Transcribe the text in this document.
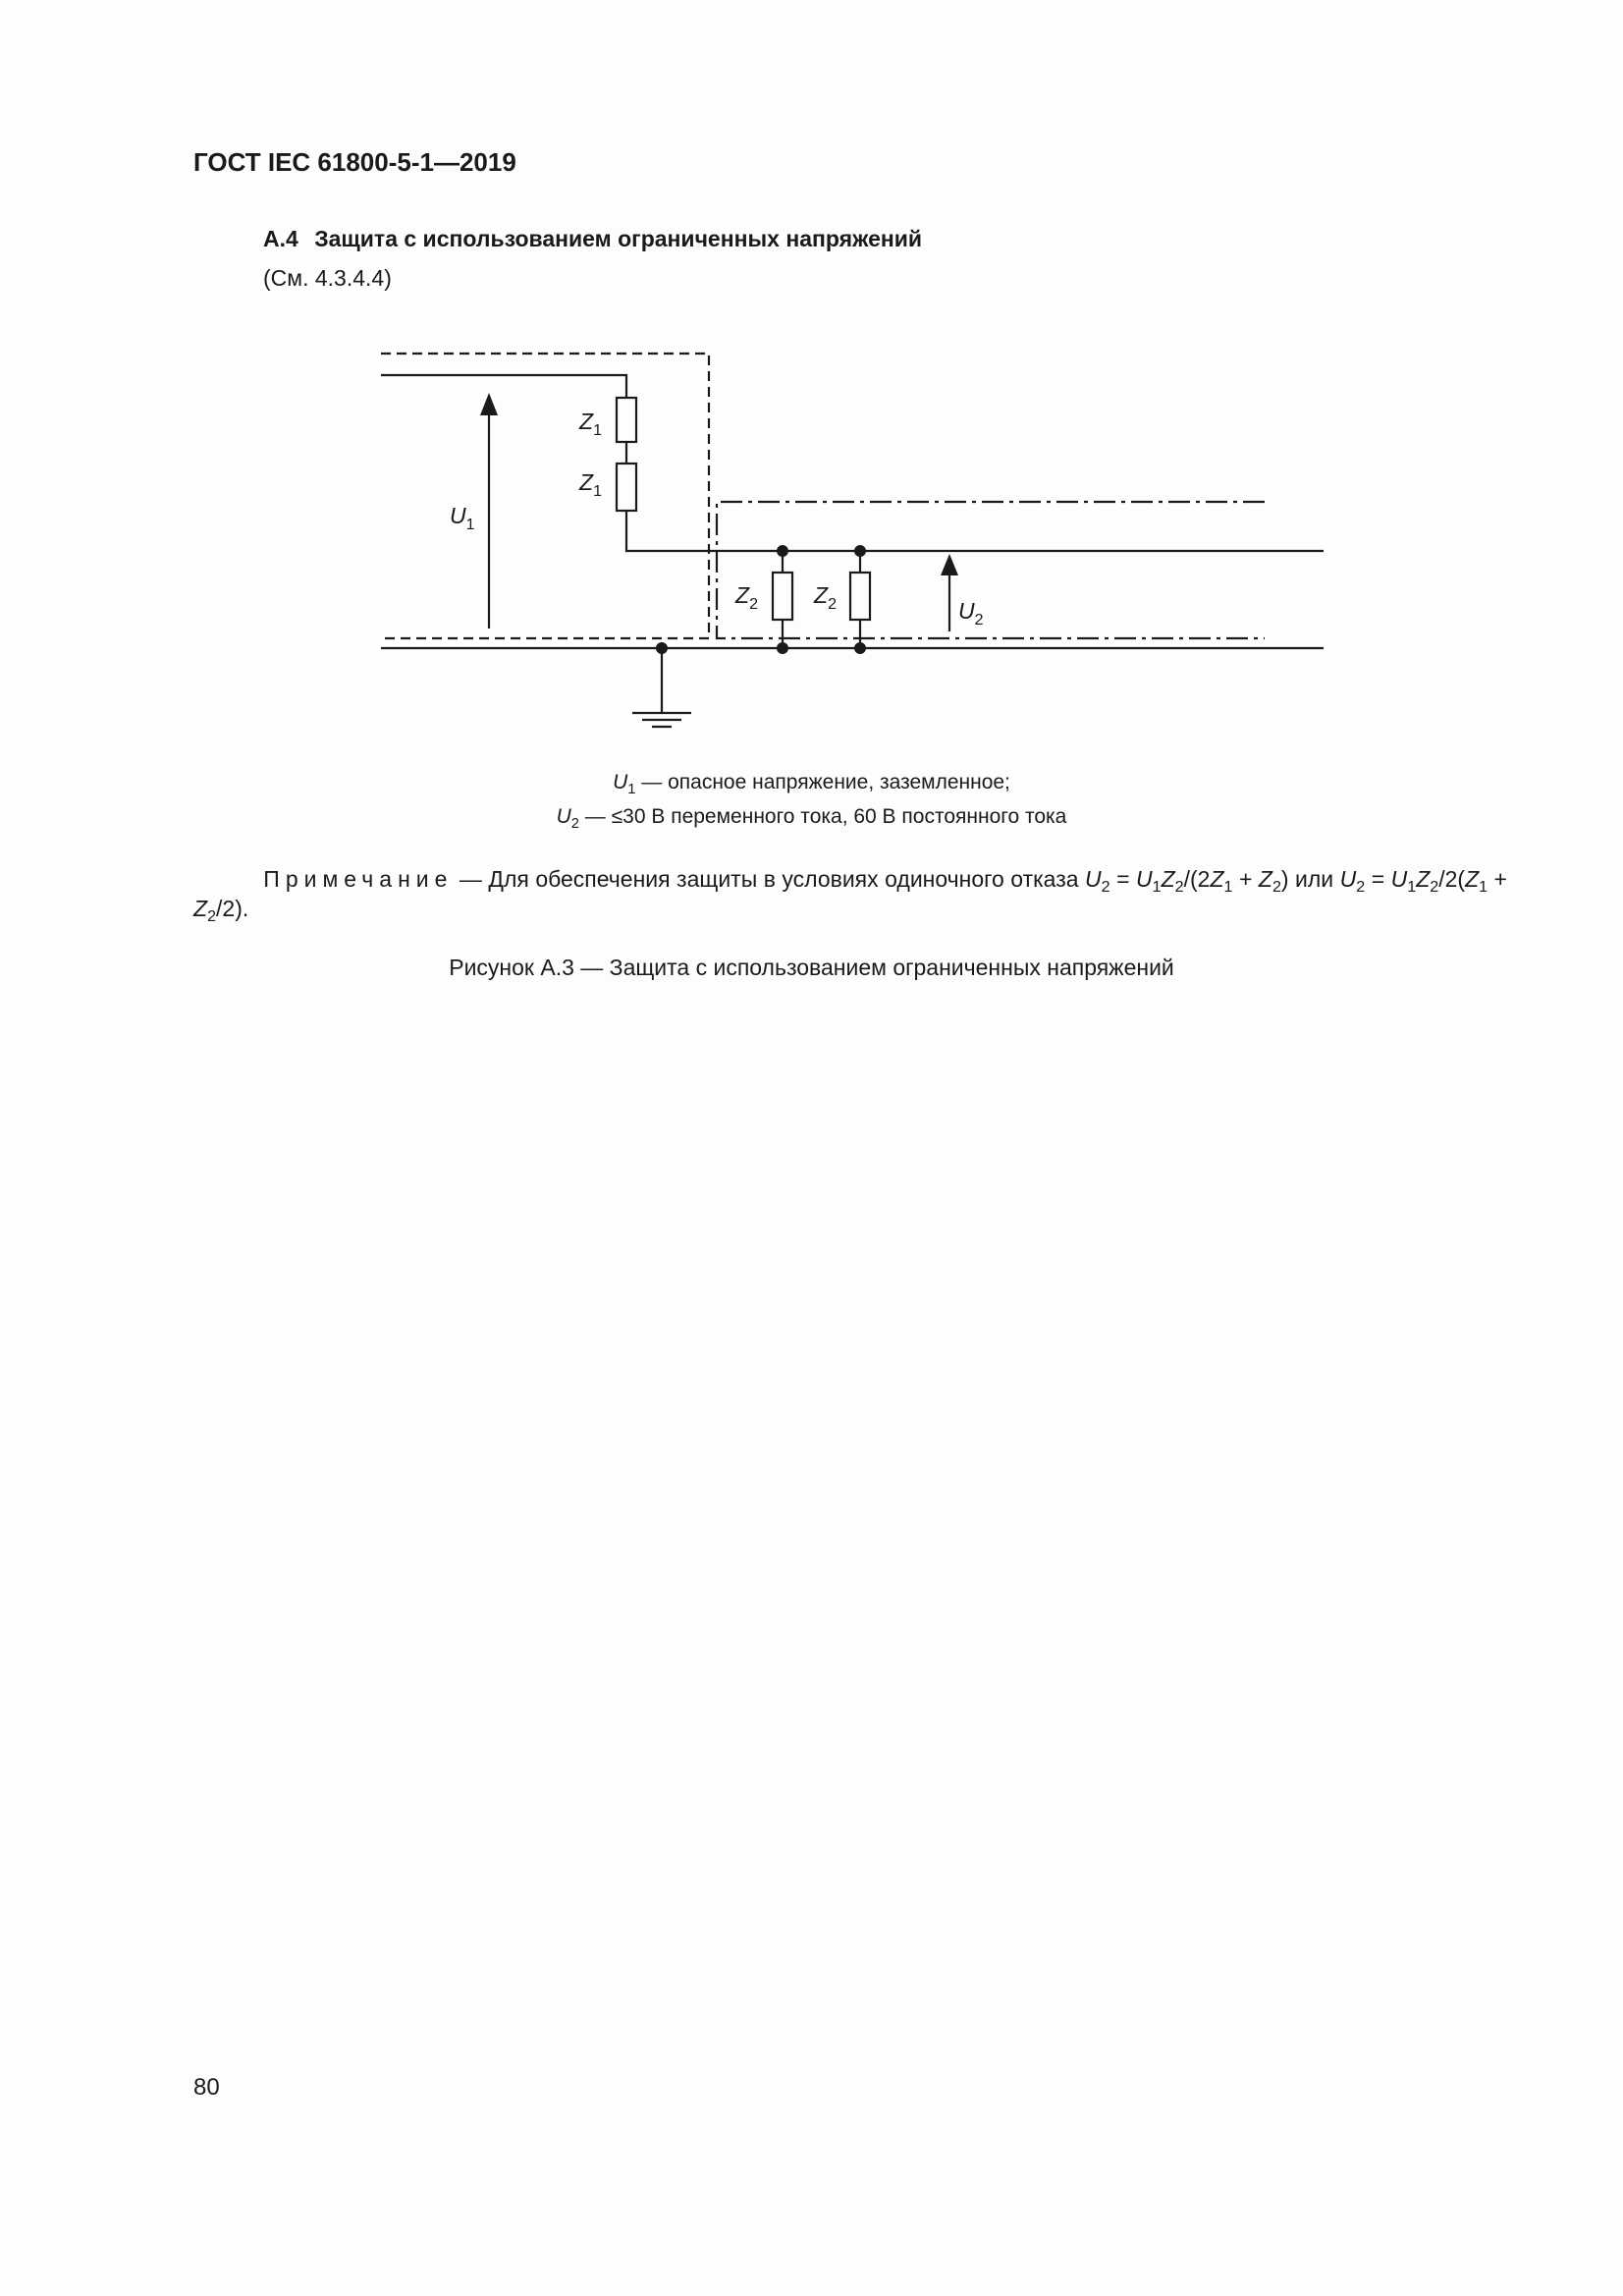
ГОСТ IEC 61800-5-1—2019
A.4 Защита с использованием ограниченных напряжений
(См. 4.3.4.4)
$Z_1$
$Z_1$
$U_1$
$Z_2$ $Z_2$	$U_2$
$U_1$ — опасное напряжение, заземленное;
$U_2$ — ≤30 В переменного тока, 60 В постоянного тока
Примечание — Для обеспечения защиты в условиях одиночного отказа $U_2 = U_1Z_2/(2Z_1 + Z_2)$ или $U_2 = U_1Z_2/2(Z_1 + Z_2/2)$.
Рисунок А.3 — Защита с использованием ограниченных напряжений
80
